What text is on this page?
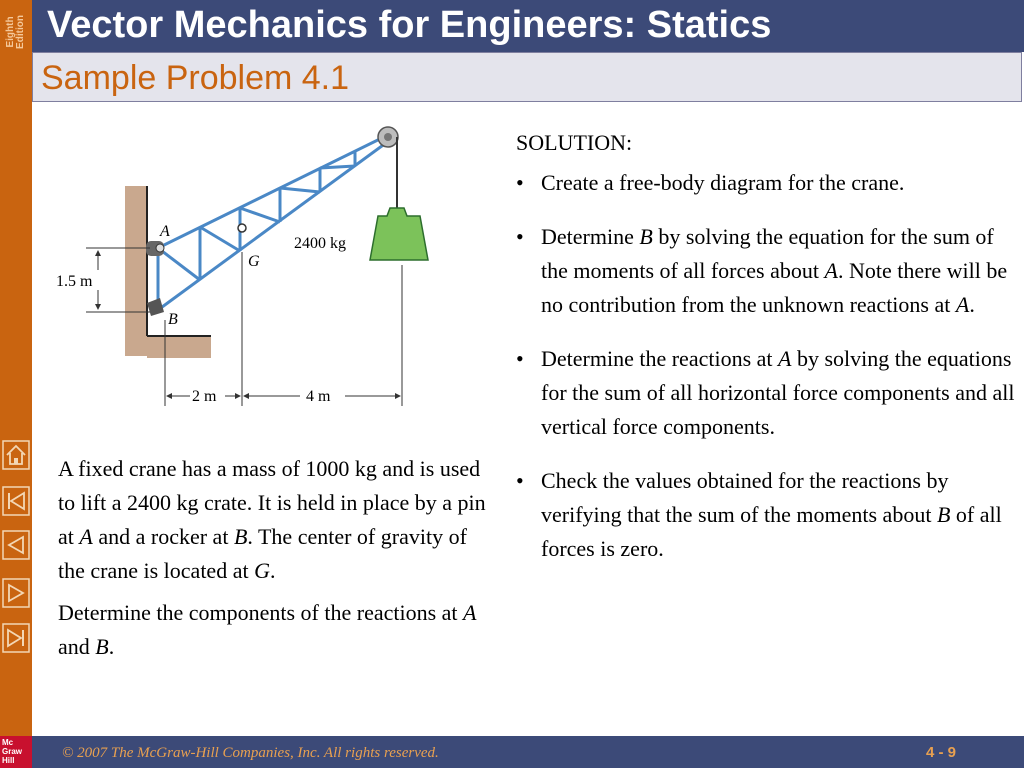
Eighth
Edition Vector Mechanics for Engineers: Statics
Sample Problem 4.1
A
B
G
1.5 m
2400 kg
2 m	4 m

A fixed crane has a mass of 1000 kg and is used to lift a 2400 kg crate. It is held in place by a pin at A and a rocker at B. The center of gravity of the crane is located at G.

Determine the components of the reactions at A and B.

SOLUTION:
• Create a free-body diagram for the crane.
• Determine B by solving the equation for the sum of the moments of all forces about A. Note there will be no contribution from the unknown reactions at A.
• Determine the reactions at A by solving the equations for the sum of all horizontal force components and all vertical force components.
• Check the values obtained for the reactions by verifying that the sum of the moments about B of all forces is zero.
Mc
Graw
Hill	© 2007 The McGraw-Hill Companies, Inc. All rights reserved.	4 - 9
